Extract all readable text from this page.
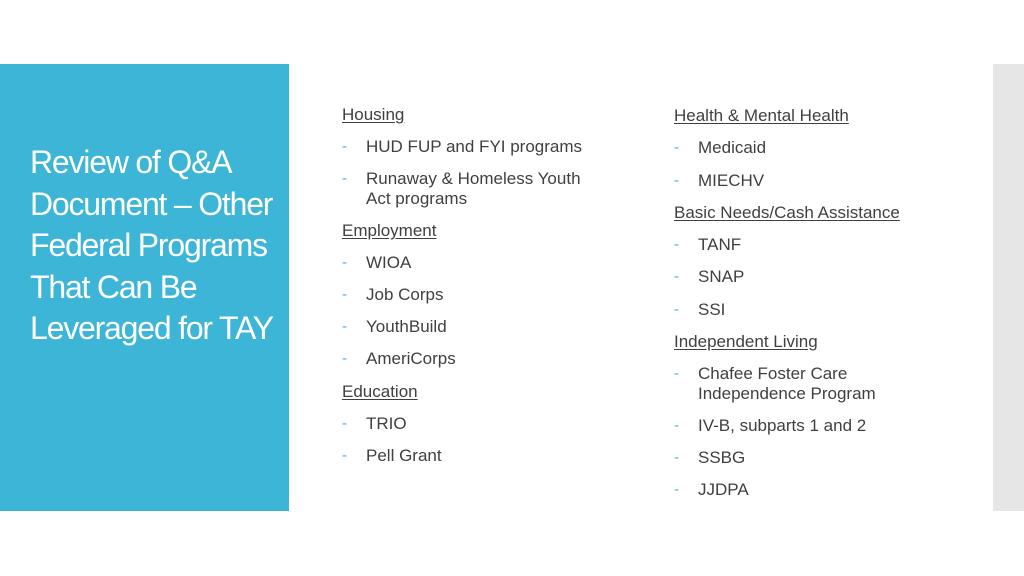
Review of Q&A Document – Other Federal Programs That Can Be Leveraged for TAY
Housing
- HUD FUP and FYI programs
- Runaway & Homeless Youth
Act programs
Employment
- WIOA
- Job Corps
- YouthBuild
- AmeriCorps
Education
- TRIO
- Pell Grant
Health & Mental Health
- Medicaid
- MIECHV
Basic Needs/Cash Assistance
- TANF
- SNAP
- SSI
Independent Living
- Chafee Foster Care
Independence Program
- IV-B, subparts 1 and 2
- SSBG
- JJDPA
